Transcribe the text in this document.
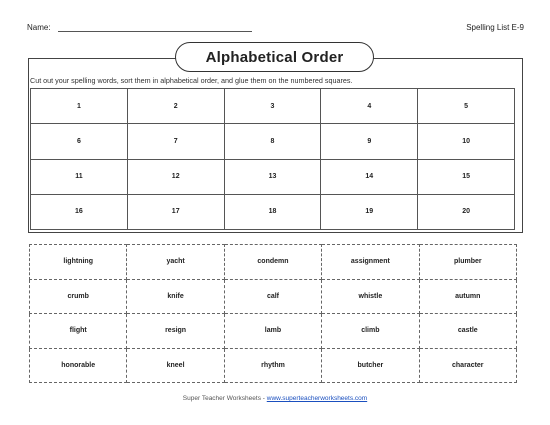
Name:	Spelling List E-9
Alphabetical Order
Cut out your spelling words, sort them in alphabetical order, and glue them on the numbered squares.
1	2	3	4	5
6	7	8	9	10
11	12	13	14	15
16	17	18	19	20
lightning	yacht	condemn	assignment	plumber
crumb	knife	calf	whistle	autumn
flight	resign	lamb	climb	castle
honorable	kneel	rhythm	butcher	character
Super Teacher Worksheets - www.superteacherworksheets.com
